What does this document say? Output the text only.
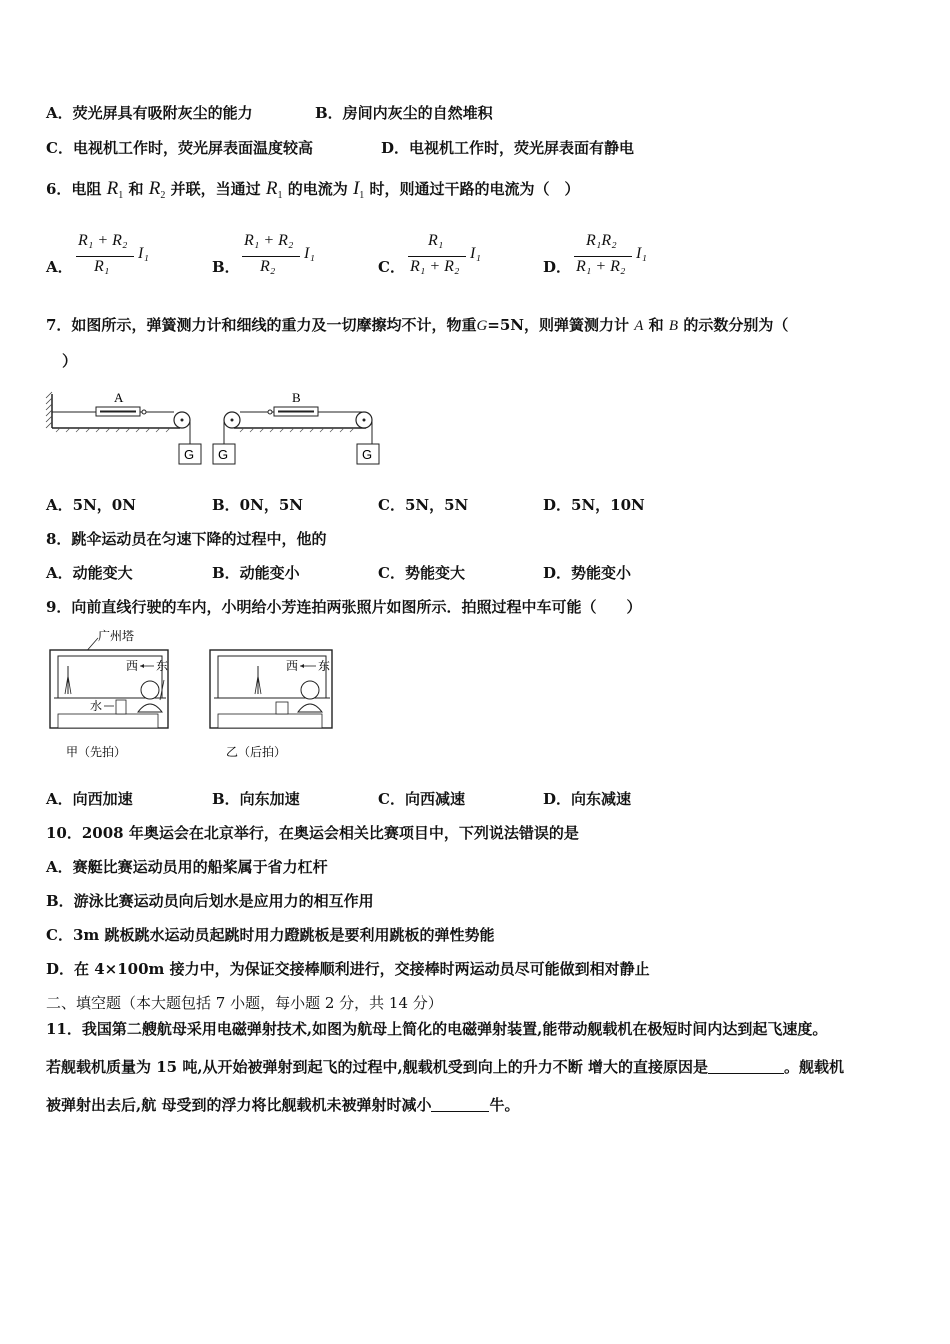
A．荧光屏具有吸附灰尘的能力	B．房间内灰尘的自然堆积
C．电视机工作时，荧光屏表面温度较高	D．电视机工作时，荧光屏表面有静电
6．电阻 $R_1$ 和 $R_2$ 并联，当通过 $R_1$ 的电流为 $I_1$ 时，则通过干路的电流为（　）
A．
R₁ + R₂
R₁
I₁
B．
R₁ + R₂
R₂
I₁
C．
R₁
R₁ + R₂
I₁
D．
R₁R₂
R₁ + R₂
I₁
7．如图所示，弹簧测力计和细线的重力及一切摩擦均不计，物重G=5N，则弹簧测力计 A 和 B 的示数分别为（
）
A
G G
B
G
A．5N，0N	B．0N，5N	C．5N，5N	D．5N，10N
8．跳伞运动员在匀速下降的过程中，他的
A．动能变大	B．动能变小	C．势能变大	D．势能变小
9．向前直线行驶的车内，小明给小芳连拍两张照片如图所示．拍照过程中车可能（　　）
广州塔
西 东
水
甲（先拍）
西 东
乙（后拍）
A．向西加速	B．向东加速	C．向西减速	D．向东减速
10．2008 年奥运会在北京举行，在奥运会相关比赛项目中，下列说法错误的是
A．赛艇比赛运动员用的船桨属于省力杠杆
B．游泳比赛运动员向后划水是应用力的相互作用
C．3m 跳板跳水运动员起跳时用力蹬跳板是要利用跳板的弹性势能
D．在 4×100m 接力中，为保证交接棒顺利进行，交接棒时两运动员尽可能做到相对静止
二、填空题（本大题包括 7 小题，每小题 2 分，共 14 分）
11．我国第二艘航母采用电磁弹射技术,如图为航母上简化的电磁弹射装置,能带动舰载机在极短时间内达到起飞速度。
若舰载机质量为 15 吨,从开始被弹射到起飞的过程中,舰载机受到向上的升力不断 增大的直接原因是	。舰载机
被弹射出去后,航 母受到的浮力将比舰载机未被弹射时减小	牛。
